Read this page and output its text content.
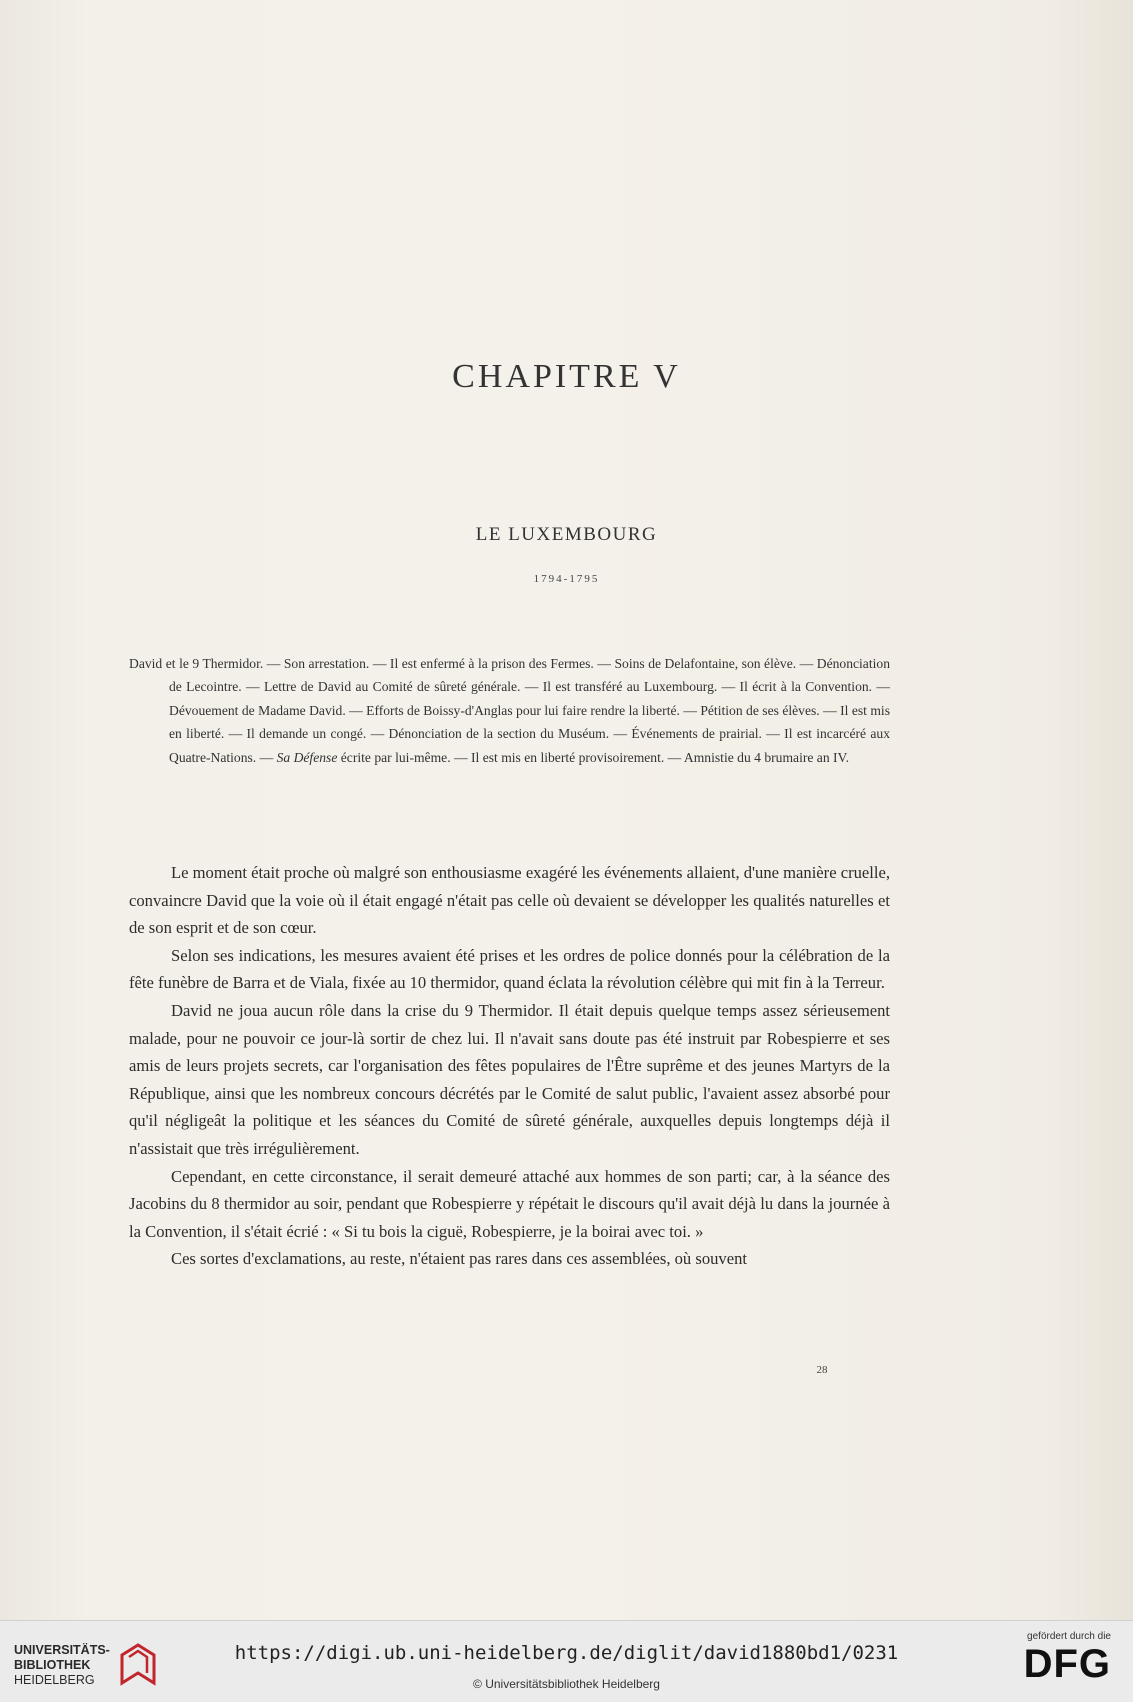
CHAPITRE V
LE LUXEMBOURG
1794-1795
David et le 9 Thermidor. — Son arrestation. — Il est enfermé à la prison des Fermes. — Soins de Delafontaine, son élève. — Dénonciation de Lecointre. — Lettre de David au Comité de sûreté générale. — Il est transféré au Luxembourg. — Il écrit à la Convention. — Dévouement de Madame David. — Efforts de Boissy-d'Anglas pour lui faire rendre la liberté. — Pétition de ses élèves. — Il est mis en liberté. — Il demande un congé. — Dénonciation de la section du Muséum. — Événements de prairial. — Il est incarcéré aux Quatre-Nations. — Sa Défense écrite par lui-même. — Il est mis en liberté provisoirement. — Amnistie du 4 brumaire an IV.

Le moment était proche où malgré son enthousiasme exagéré les événements allaient, d'une manière cruelle, convaincre David que la voie où il était engagé n'était pas celle où devaient se développer les qualités naturelles et de son esprit et de son cœur.

Selon ses indications, les mesures avaient été prises et les ordres de police donnés pour la célébration de la fête funèbre de Barra et de Viala, fixée au 10 thermidor, quand éclata la révolution célèbre qui mit fin à la Terreur.

David ne joua aucun rôle dans la crise du 9 Thermidor. Il était depuis quelque temps assez sérieusement malade, pour ne pouvoir ce jour-là sortir de chez lui. Il n'avait sans doute pas été instruit par Robespierre et ses amis de leurs projets secrets, car l'organisation des fêtes populaires de l'Être suprême et des jeunes Martyrs de la République, ainsi que les nombreux concours décrétés par le Comité de salut public, l'avaient assez absorbé pour qu'il négligeât la politique et les séances du Comité de sûreté générale, auxquelles depuis longtemps déjà il n'assistait que très irrégulièrement.

Cependant, en cette circonstance, il serait demeuré attaché aux hommes de son parti; car, à la séance des Jacobins du 8 thermidor au soir, pendant que Robespierre y répétait le discours qu'il avait déjà lu dans la journée à la Convention, il s'était écrié : « Si tu bois la ciguë, Robespierre, je la boirai avec toi. »

Ces sortes d'exclamations, au reste, n'étaient pas rares dans ces assemblées, où souvent

28
UNIVERSITÄTS-
BIBLIOTHEK
HEIDELBERG
https://digi.ub.uni-heidelberg.de/diglit/david1880bd1/0231
© Universitätsbibliothek Heidelberg
gefördert durch die
DFG
